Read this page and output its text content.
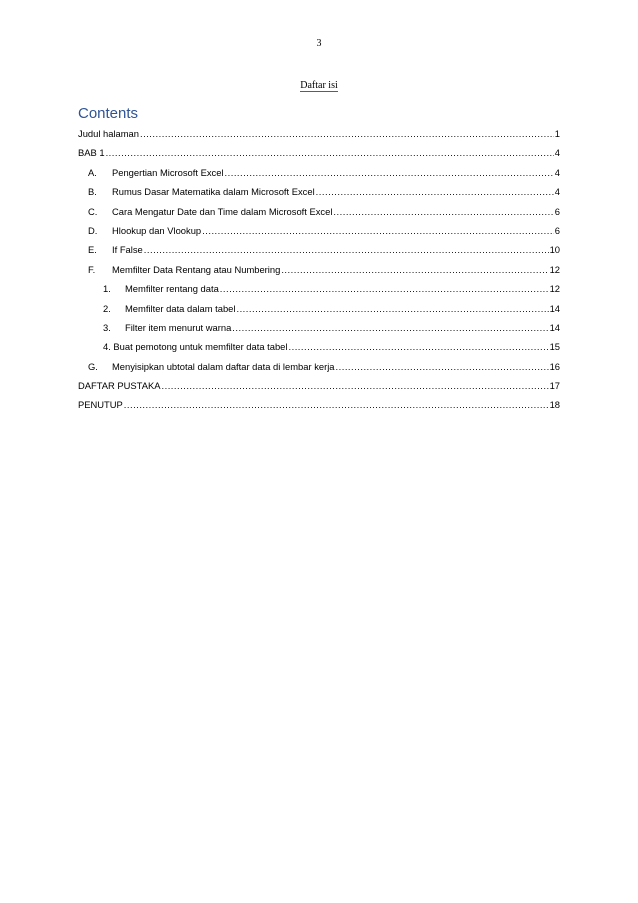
3
Daftar isi
Contents
Judul halaman .....	1
BAB 1 .....	4
A.	Pengertian Microsoft Excel .....	4
B.	Rumus Dasar Matematika dalam Microsoft Excel .....	4
C.	Cara Mengatur Date dan Time dalam Microsoft Excel .....	6
D.	Hlookup dan Vlookup .....	6
E.	If False .....	10
F.	Memfilter Data Rentang atau Numbering .....	12
1.	Memfilter rentang data .....	12
2.	Memfilter data dalam tabel .....	14
3.	Filter item menurut warna .....	14
4. Buat pemotong untuk memfilter data tabel .....	15
G.	Menyisipkan ubtotal dalam daftar data di lembar kerja .....	16
DAFTAR PUSTAKA .....	17
PENUTUP .....	18
